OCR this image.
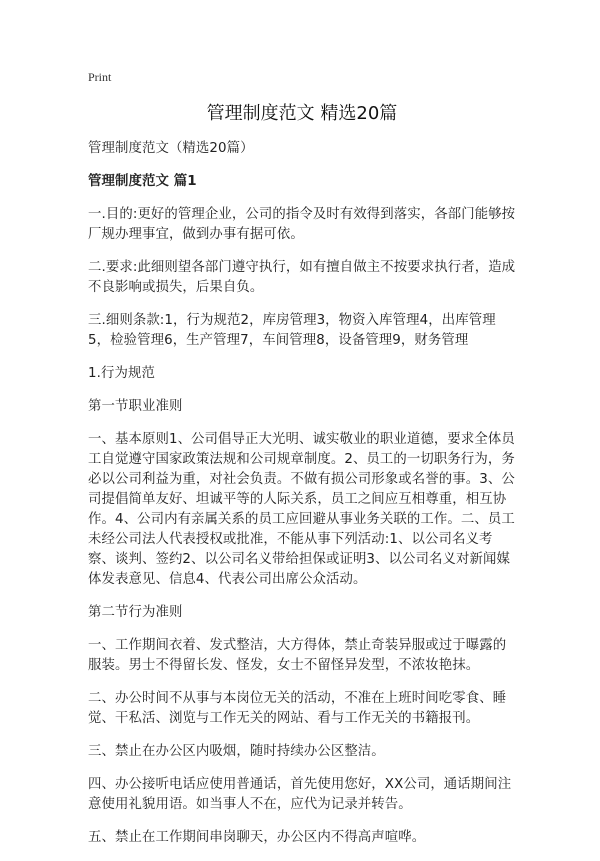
Print
管理制度范文 精选20篇

管理制度范文（精选20篇）

管理制度范文 篇1

一.目的:更好的管理企业，公司的指令及时有效得到落实，各部门能够按厂规办理事宜，做到办事有据可依。

二.要求:此细则望各部门遵守执行，如有擅自做主不按要求执行者，造成不良影响或损失，后果自负。

三.细则条款:1，行为规范2，库房管理3，物资入库管理4，出库管理5，检验管理6，生产管理7，车间管理8，设备管理9，财务管理

1.行为规范

第一节职业准则

一、基本原则1、公司倡导正大光明、诚实敬业的职业道德，要求全体员工自觉遵守国家政策法规和公司规章制度。2、员工的一切职务行为，务必以公司利益为重，对社会负责。不做有损公司形象或名誉的事。3、公司提倡简单友好、坦诚平等的人际关系，员工之间应互相尊重，相互协作。4、公司内有亲属关系的员工应回避从事业务关联的工作。二、员工未经公司法人代表授权或批准，不能从事下列活动:1、以公司名义考察、谈判、签约2、以公司名义带给担保或证明3、以公司名义对新闻媒体发表意见、信息4、代表公司出席公众活动。

第二节行为准则

一、工作期间衣着、发式整洁，大方得体，禁止奇装异服或过于曝露的服装。男士不得留长发、怪发，女士不留怪异发型，不浓妆艳抹。

二、办公时间不从事与本岗位无关的活动，不准在上班时间吃零食、睡觉、干私活、浏览与工作无关的网站、看与工作无关的书籍报刊。

三、禁止在办公区内吸烟，随时持续办公区整洁。

四、办公接听电话应使用普通话，首先使用您好，XX公司，通话期间注意使用礼貌用语。如当事人不在，应代为记录并转告。

五、禁止在工作期间串岗聊天，办公区内不得高声喧哗。
